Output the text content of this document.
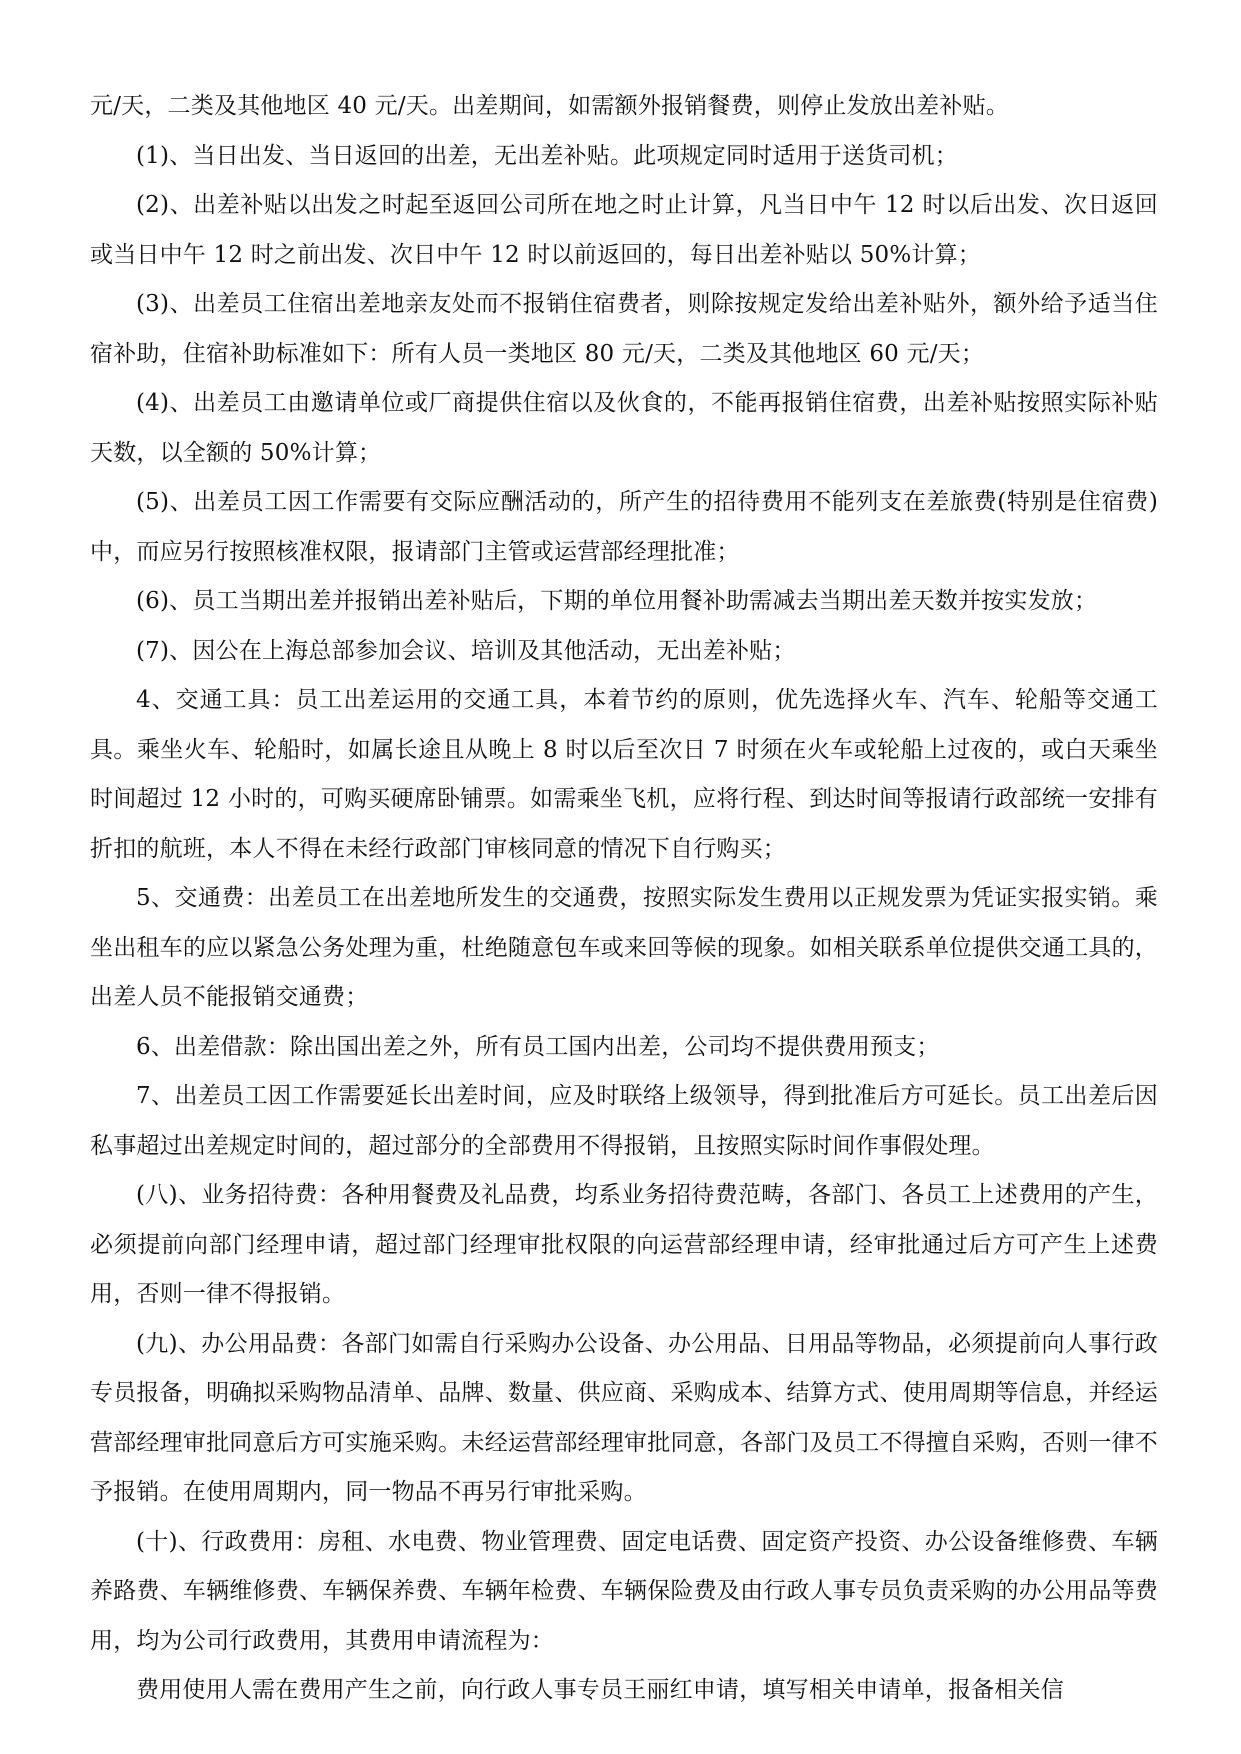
元/天，二类及其他地区 40 元/天。出差期间，如需额外报销餐费，则停止发放出差补贴。

(1)、当日出发、当日返回的出差，无出差补贴。此项规定同时适用于送货司机；

(2)、出差补贴以出发之时起至返回公司所在地之时止计算，凡当日中午 12 时以后出发、次日返回或当日中午 12 时之前出发、次日中午 12 时以前返回的，每日出差补贴以 50%计算；

(3)、出差员工住宿出差地亲友处而不报销住宿费者，则除按规定发给出差补贴外，额外给予适当住宿补助，住宿补助标准如下：所有人员一类地区 80 元/天，二类及其他地区 60 元/天；

(4)、出差员工由邀请单位或厂商提供住宿以及伙食的，不能再报销住宿费，出差补贴按照实际补贴天数，以全额的 50%计算；

(5)、出差员工因工作需要有交际应酬活动的，所产生的招待费用不能列支在差旅费(特别是住宿费)中，而应另行按照核准权限，报请部门主管或运营部经理批准；

(6)、员工当期出差并报销出差补贴后，下期的单位用餐补助需减去当期出差天数并按实发放；

(7)、因公在上海总部参加会议、培训及其他活动，无出差补贴；

4、交通工具：员工出差运用的交通工具，本着节约的原则，优先选择火车、汽车、轮船等交通工具。乘坐火车、轮船时，如属长途且从晚上 8 时以后至次日 7 时须在火车或轮船上过夜的，或白天乘坐时间超过 12 小时的，可购买硬席卧铺票。如需乘坐飞机，应将行程、到达时间等报请行政部统一安排有折扣的航班，本人不得在未经行政部门审核同意的情况下自行购买；

5、交通费：出差员工在出差地所发生的交通费，按照实际发生费用以正规发票为凭证实报实销。乘坐出租车的应以紧急公务处理为重，杜绝随意包车或来回等候的现象。如相关联系单位提供交通工具的，出差人员不能报销交通费；

6、出差借款：除出国出差之外，所有员工国内出差，公司均不提供费用预支；

7、出差员工因工作需要延长出差时间，应及时联络上级领导，得到批准后方可延长。员工出差后因私事超过出差规定时间的，超过部分的全部费用不得报销，且按照实际时间作事假处理。

(八)、业务招待费：各种用餐费及礼品费，均系业务招待费范畴，各部门、各员工上述费用的产生，必须提前向部门经理申请，超过部门经理审批权限的向运营部经理申请，经审批通过后方可产生上述费用，否则一律不得报销。

(九)、办公用品费：各部门如需自行采购办公设备、办公用品、日用品等物品，必须提前向人事行政专员报备，明确拟采购物品清单、品牌、数量、供应商、采购成本、结算方式、使用周期等信息，并经运营部经理审批同意后方可实施采购。未经运营部经理审批同意，各部门及员工不得擅自采购，否则一律不予报销。在使用周期内，同一物品不再另行审批采购。

(十)、行政费用：房租、水电费、物业管理费、固定电话费、固定资产投资、办公设备维修费、车辆养路费、车辆维修费、车辆保养费、车辆年检费、车辆保险费及由行政人事专员负责采购的办公用品等费用，均为公司行政费用，其费用申请流程为：

费用使用人需在费用产生之前，向行政人事专员王丽红申请，填写相关申请单，报备相关信
